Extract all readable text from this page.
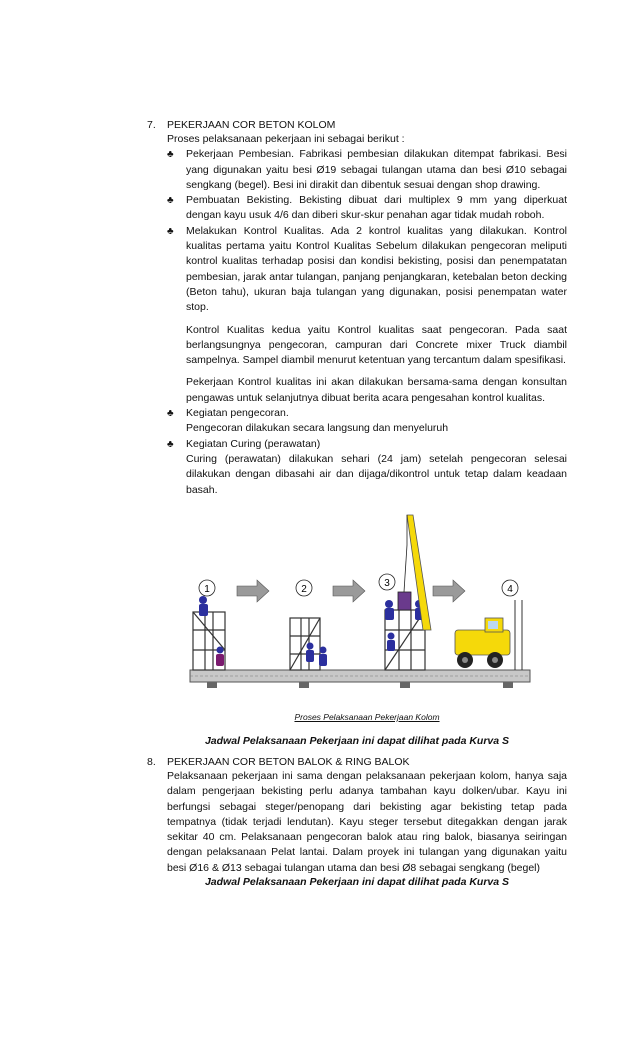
7. PEKERJAAN COR BETON KOLOM
Proses pelaksanaan pekerjaan ini sebagai berikut :
♣ Pekerjaan Pembesian. Fabrikasi pembesian dilakukan ditempat fabrikasi. Besi yang digunakan yaitu besi Ø19 sebagai tulangan utama dan besi Ø10 sebagai sengkang (begel). Besi ini dirakit dan dibentuk sesuai dengan shop drawing.
♣ Pembuatan Bekisting. Bekisting dibuat dari multiplex 9 mm yang diperkuat dengan kayu usuk 4/6 dan diberi skur-skur penahan agar tidak mudah roboh.
♣ Melakukan Kontrol Kualitas. Ada 2 kontrol kualitas yang dilakukan. Kontrol kualitas pertama yaitu Kontrol Kualitas Sebelum dilakukan pengecoran meliputi kontrol kualitas terhadap posisi dan kondisi bekisting, posisi dan penempatatan pembesian, jarak antar tulangan, panjang penjangkaran, ketebalan beton decking (Beton tahu), ukuran baja tulangan yang digunakan, posisi penempatan water stop.
Kontrol Kualitas kedua yaitu Kontrol kualitas saat pengecoran. Pada saat berlangsungnya pengecoran, campuran dari Concrete mixer Truck diambil sampelnya. Sampel diambil menurut ketentuan yang tercantum dalam spesifikasi.
Pekerjaan Kontrol kualitas ini akan dilakukan bersama-sama dengan konsultan pengawas untuk selanjutnya dibuat berita acara pengesahan kontrol kualitas.
♣ Kegiatan pengecoran.
Pengecoran dilakukan secara langsung dan menyeluruh
♣ Kegiatan Curing (perawatan)
Curing (perawatan) dilakukan sehari (24 jam) setelah pengecoran selesai dilakukan dengan dibasahi air dan dijaga/dikontrol untuk tetap dalam keadaan basah.
1	2
3
4
Proses Pelaksanaan Pekerjaan Kolom
Jadwal Pelaksanaan Pekerjaan ini dapat dilihat pada Kurva S
8. PEKERJAAN COR BETON BALOK & RING BALOK
Pelaksanaan pekerjaan ini sama dengan pelaksanaan pekerjaan kolom, hanya saja dalam pengerjaan bekisting perlu adanya tambahan kayu dolken/ubar. Kayu ini berfungsi sebagai steger/penopang dari bekisting agar bekisting tetap pada tempatnya (tidak terjadi lendutan). Kayu steger tersebut ditegakkan dengan jarak sekitar 40 cm. Pelaksanaan pengecoran balok atau ring balok, biasanya seiringan dengan pelaksanaan Pelat lantai. Dalam proyek ini tulangan yang digunakan yaitu besi Ø16 & Ø13 sebagai tulangan utama dan besi Ø8 sebagai sengkang (begel)
Jadwal Pelaksanaan Pekerjaan ini dapat dilihat pada Kurva S
